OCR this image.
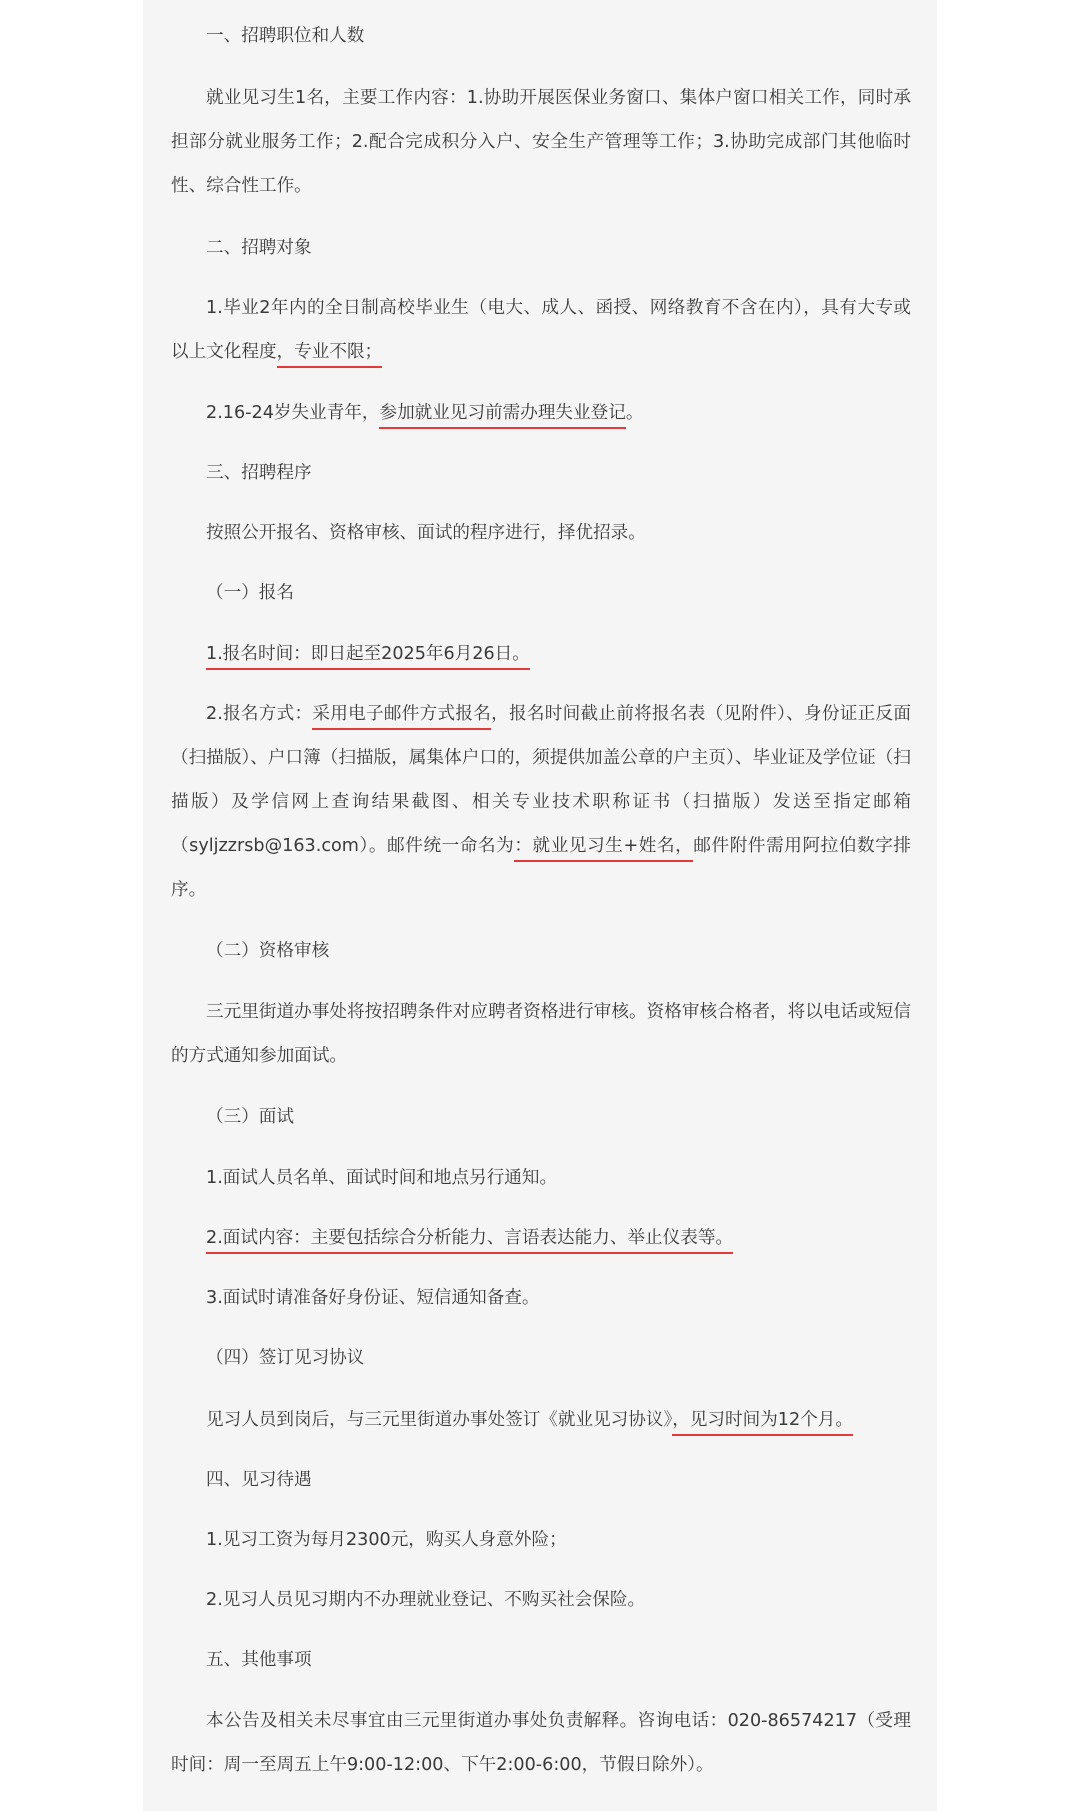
一、招聘职位和人数

就业见习生1名，主要工作内容：1.协助开展医保业务窗口、集体户窗口相关工作，同时承担部分就业服务工作；2.配合完成积分入户、安全生产管理等工作；3.协助完成部门其他临时性、综合性工作。

二、招聘对象

1.毕业2年内的全日制高校毕业生（电大、成人、函授、网络教育不含在内），具有大专或以上文化程度，专业不限；

2.16-24岁失业青年，参加就业见习前需办理失业登记。

三、招聘程序

按照公开报名、资格审核、面试的程序进行，择优招录。

（一）报名

1.报名时间：即日起至2025年6月26日。

2.报名方式：采用电子邮件方式报名，报名时间截止前将报名表（见附件）、身份证正反面（扫描版）、户口簿（扫描版，属集体户口的，须提供加盖公章的户主页）、毕业证及学位证（扫描版）及学信网上查询结果截图、相关专业技术职称证书（扫描版）发送至指定邮箱（syljzzrsb@163.com）。邮件统一命名为：就业见习生+姓名，邮件附件需用阿拉伯数字排序。

（二）资格审核

三元里街道办事处将按招聘条件对应聘者资格进行审核。资格审核合格者，将以电话或短信的方式通知参加面试。

（三）面试

1.面试人员名单、面试时间和地点另行通知。

2.面试内容：主要包括综合分析能力、言语表达能力、举止仪表等。

3.面试时请准备好身份证、短信通知备查。

（四）签订见习协议

见习人员到岗后，与三元里街道办事处签订《就业见习协议》，见习时间为12个月。

四、见习待遇

1.见习工资为每月2300元，购买人身意外险；

2.见习人员见习期内不办理就业登记、不购买社会保险。

五、其他事项

本公告及相关未尽事宜由三元里街道办事处负责解释。咨询电话：020-86574217（受理时间：周一至周五上午9:00-12:00、下午2:00-6:00，节假日除外）。
